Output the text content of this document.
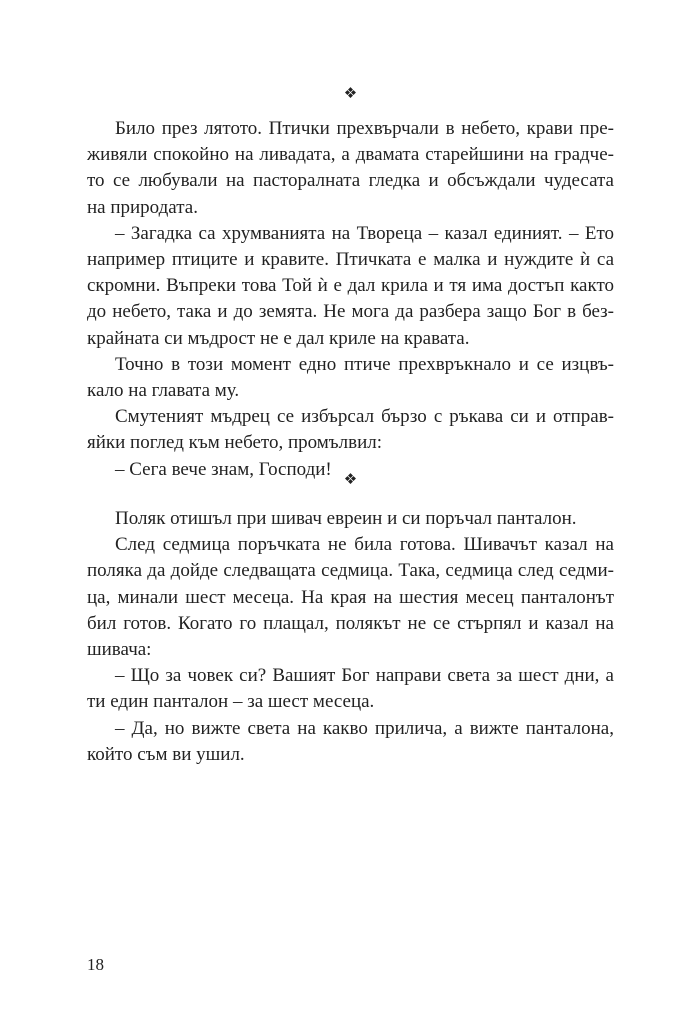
❖
Било през лятото. Птички прехвърчали в небето, крави пре-
живяли спокойно на ливадата, а двамата старейшини на градче-
то се любували на пасторалната гледка и обсъждали чудесата
на природата.
– Загадка са хрумванията на Твореца – казал единият. – Ето
например птиците и кравите. Птичката е малка и нуждите ѝ са
скромни. Въпреки това Той ѝ е дал крила и тя има достъп както
до небето, така и до земята. Не мога да разбера защо Бог в без-
крайната си мъдрост не е дал криле на кравата.
Точно в този момент едно птиче прехвръкнало и се изцвъ-
кало на главата му.
Смутеният мъдрец се избърсал бързо с ръкава си и отправ-
яйки поглед към небето, промълвил:
– Сега вече знам, Господи! ❖
Поляк отишъл при шивач евреин и си поръчал панталон.
След седмица поръчката не била готова. Шивачът казал на
поляка да дойде следващата седмица. Така, седмица след седми-
ца, минали шест месеца. На края на шестия месец панталонът
бил готов. Когато го плащал, полякът не се стърпял и казал на
шивача:
– Що за човек си? Вашият Бог направи света за шест дни, а
ти един панталон – за шест месеца.
– Да, но вижте света на какво прилича, а вижте панталона,
който съм ви ушил.
18
